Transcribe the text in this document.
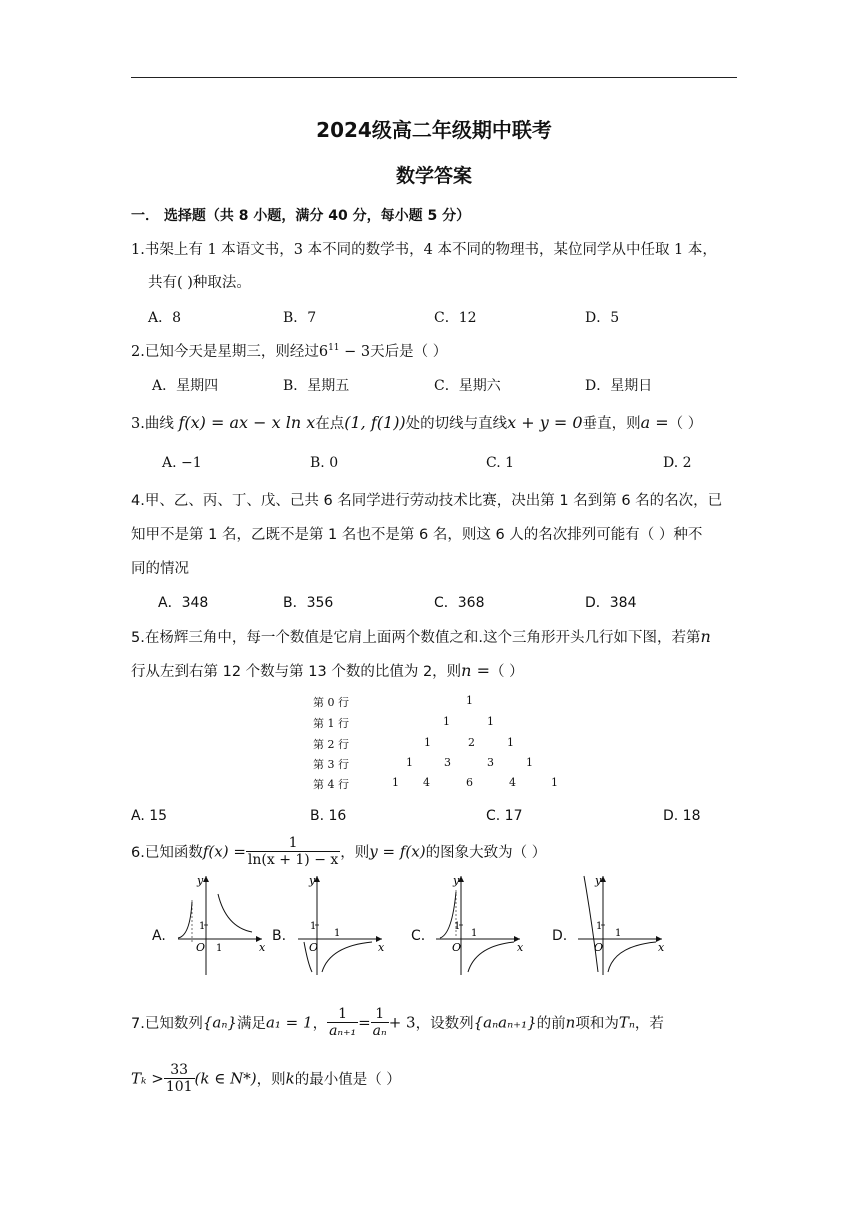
2024级高二年级期中联考
数学答案
一． 选择题（共 8 小题，满分 40 分，每小题 5 分）
1.书架上有 1 本语文书，3 本不同的数学书，4 本不同的物理书，某位同学从中任取 1 本，
共有( )种取法。
A．8	B．7	C．12	D．5
2.已知今天是星期三，则经过$6^{11} - 3$天后是（ ）
A．星期四	B．星期五	C．星期六	D．星期日
3.曲线 f(x) = ax − x ln x在点(1, f(1))处的切线与直线x + y = 0垂直，则a =（ ）
A. −1	B. 0	C. 1	D. 2
4.甲、乙、丙、丁、戊、己共 6 名同学进行劳动技术比赛，决出第 1 名到第 6 名的名次，已
知甲不是第 1 名，乙既不是第 1 名也不是第 6 名，则这 6 人的名次排列可能有（ ）种不
同的情况
A．348	B．356	C．368	D．384
5.在杨辉三角中，每一个数值是它肩上面两个数值之和.这个三角形开头几行如下图，若第n
行从左到右第 12 个数与第 13 个数的比值为 2，则n =（ ）
第 0 行
第 1 行
第 2 行
第 3 行
第 4 行
1
1	1
1	2	1
1	3	3	1
1 4	6	4	1
A. 15	B. 16	C. 17	D. 18
6.已知函数$f(x) = \frac{1}{\ln(x + 1) - x}$ ，则y = f(x)的图象大致为（ ）
A.	B.	C.	D.
y
x
O
1
1
y
x
O
1
1
y
x
O
1
1
y
x
O
1
1
7.已知数列{aₙ}满足a₁ = 1， $\frac{1}{\text{aₙ₊₁}} = \frac{1}{\text{aₙ}} + 3$，设数列{aₙaₙ₊₁}的前n项和为Tₙ，若
$T_k > \frac{33}{101} (k$ ∈ N*)，则k的最小值是（ ）
